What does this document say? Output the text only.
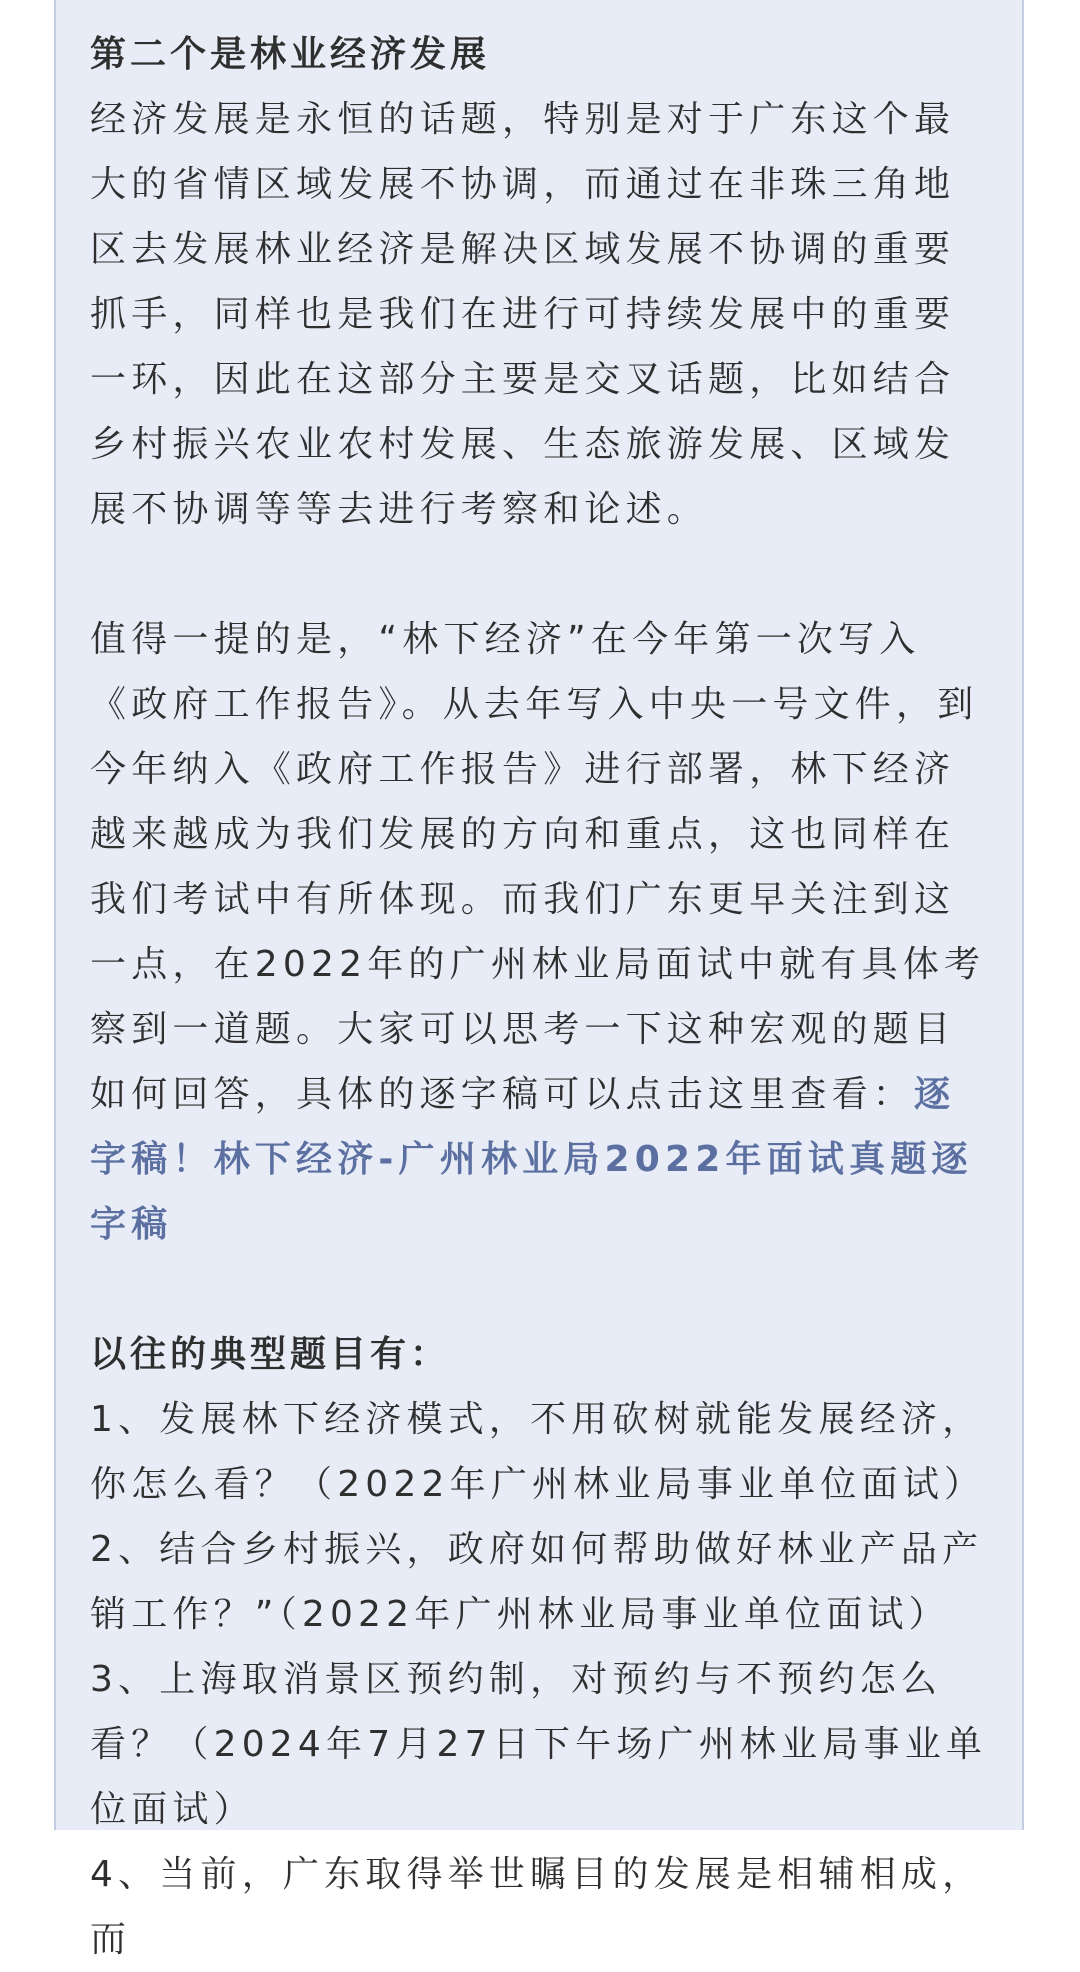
第二个是林业经济发展

经济发展是永恒的话题，特别是对于广东这个最大的省情区域发展不协调，而通过在非珠三角地区去发展林业经济是解决区域发展不协调的重要抓手，同样也是我们在进行可持续发展中的重要一环，因此在这部分主要是交叉话题，比如结合乡村振兴农业农村发展、生态旅游发展、区域发展不协调等等去进行考察和论述。

值得一提的是，“林下经济”在今年第一次写入《政府工作报告》。从去年写入中央一号文件，到今年纳入《政府工作报告》进行部署，林下经济越来越成为我们发展的方向和重点，这也同样在我们考试中有所体现。而我们广东更早关注到这一点，在2022年的广州林业局面试中就有具体考察到一道题。大家可以思考一下这种宏观的题目如何回答，具体的逐字稿可以点击这里查看：逐字稿！林下经济-广州林业局2022年面试真题逐字稿

以往的典型题目有：

1、发展林下经济模式，不用砍树就能发展经济，你怎么看？（2022年广州林业局事业单位面试）

2、结合乡村振兴，政府如何帮助做好林业产品产销工作？”（2022年广州林业局事业单位面试）

3、上海取消景区预约制，对预约与不预约怎么看？（2024年7月27日下午场广州林业局事业单位面试）

4、当前，广东取得举世瞩目的发展是相辅相成，而
